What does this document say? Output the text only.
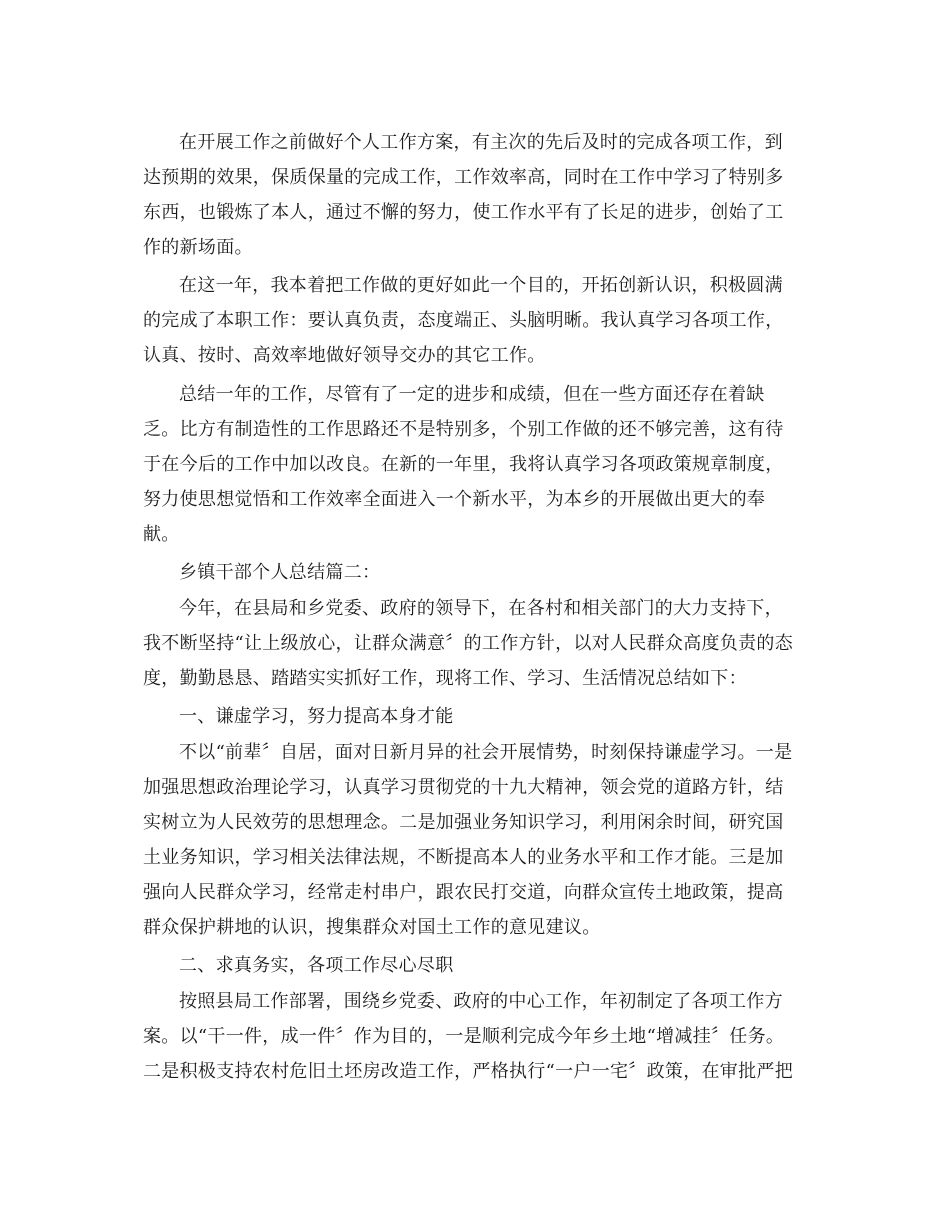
在开展工作之前做好个人工作方案，有主次的先后及时的完成各项工作，到
达预期的效果，保质保量的完成工作，工作效率高，同时在工作中学习了特别多
东西，也锻炼了本人，通过不懈的努力，使工作水平有了长足的进步，创始了工
作的新场面。
在这一年，我本着把工作做的更好如此一个目的，开拓创新认识，积极圆满
的完成了本职工作：要认真负责，态度端正、头脑明晰。我认真学习各项工作，
认真、按时、高效率地做好领导交办的其它工作。
总结一年的工作，尽管有了一定的进步和成绩，但在一些方面还存在着缺
乏。比方有制造性的工作思路还不是特别多，个别工作做的还不够完善，这有待
于在今后的工作中加以改良。在新的一年里，我将认真学习各项政策规章制度，
努力使思想觉悟和工作效率全面进入一个新水平，为本乡的开展做出更大的奉
献。
乡镇干部个人总结篇二：
今年，在县局和乡党委、政府的领导下，在各村和相关部门的大力支持下，
我不断坚持“让上级放心，让群众满意〞的工作方针，以对人民群众高度负责的态
度，勤勤恳恳、踏踏实实抓好工作，现将工作、学习、生活情况总结如下：
一、谦虚学习，努力提高本身才能
不以“前辈〞自居，面对日新月异的社会开展情势，时刻保持谦虚学习。一是
加强思想政治理论学习，认真学习贯彻党的十九大精神，领会党的道路方针，结
实树立为人民效劳的思想理念。二是加强业务知识学习，利用闲余时间，研究国
土业务知识，学习相关法律法规，不断提高本人的业务水平和工作才能。三是加
强向人民群众学习，经常走村串户，跟农民打交道，向群众宣传土地政策，提高
群众保护耕地的认识，搜集群众对国土工作的意见建议。
二、求真务实，各项工作尽心尽职
按照县局工作部署，围绕乡党委、政府的中心工作，年初制定了各项工作方
案。以“干一件，成一件〞作为目的，一是顺利完成今年乡土地“增减挂〞任务。
二是积极支持农村危旧土坯房改造工作，严格执行“一户一宅〞政策，在审批严把
